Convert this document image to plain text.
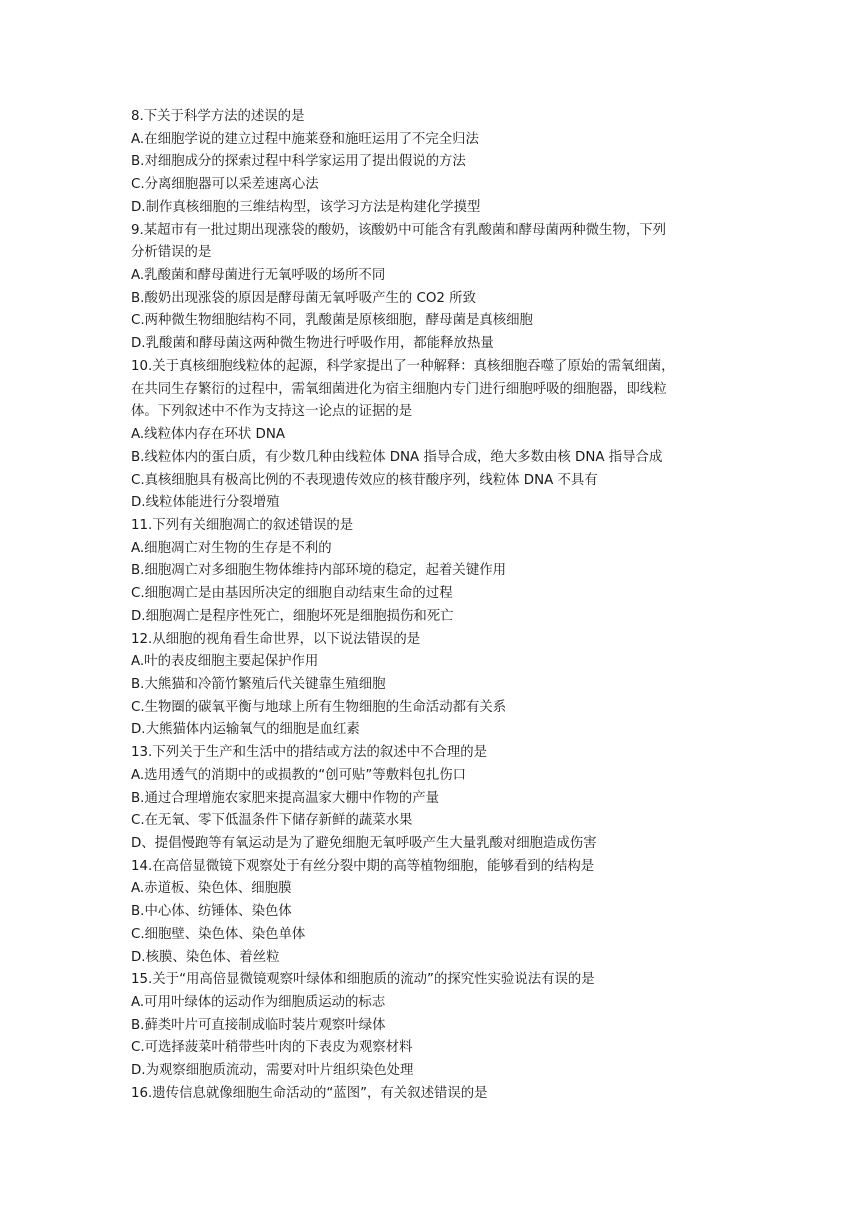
8.下关于科学方法的述误的是
A.在细胞学说的建立过程中施莱登和施旺运用了不完全归法
B.对细胞成分的探索过程中科学家运用了提出假说的方法
C.分离细胞器可以采差速离心法
D.制作真核细胞的三维结构型，该学习方法是构建化学摸型
9.某超市有一批过期出现涨袋的酸奶，该酸奶中可能含有乳酸菌和酵母菌两种微生物，下列
分析错误的是
A.乳酸菌和酵母菌进行无氧呼吸的场所不同
B.酸奶出现涨袋的原因是酵母菌无氧呼吸产生的 CO2 所致
C.两种微生物细胞结构不同，乳酸菌是原核细胞，酵母菌是真核细胞
D.乳酸菌和酵母菌这两种微生物进行呼吸作用，都能释放热量
10.关于真核细胞线粒体的起源，科学家提出了一种解释：真核细胞吞噬了原始的需氧细菌，
在共同生存繁衍的过程中，需氧细菌进化为宿主细胞内专门进行细胞呼吸的细胞器，即线粒
体。下列叙述中不作为支持这一论点的证据的是
A.线粒体内存在环状 DNA
B.线粒体内的蛋白质，有少数几种由线粒体 DNA 指导合成，绝大多数由核 DNA 指导合成
C.真核细胞具有极高比例的不表现遗传效应的核苷酸序列，线粒体 DNA 不具有
D.线粒体能进行分裂增殖
11.下列有关细胞凋亡的叙述错误的是
A.细胞凋亡对生物的生存是不利的
B.细胞凋亡对多细胞生物体维持内部环境的稳定，起着关键作用
C.细胞凋亡是由基因所决定的细胞自动结束生命的过程
D.细胞凋亡是程序性死亡，细胞坏死是细胞损伤和死亡
12.从细胞的视角看生命世界，以下说法错误的是
A.叶的表皮细胞主要起保护作用
B.大熊猫和冷箭竹繁殖后代关键靠生殖细胞
C.生物圈的碳氧平衡与地球上所有生物细胞的生命活动都有关系
D.大熊猫体内运输氧气的细胞是血红素
13.下列关于生产和生活中的措结或方法的叙述中不合理的是
A.选用透气的消期中的或损教的“创可贴”等敷料包扎伤口
B.通过合理增施农家肥来提高温家大棚中作物的产量
C.在无氧、零下低温条件下储存新鲜的蔬菜水果
D、提倡慢跑等有氧运动是为了避免细胞无氧呼吸产生大量乳酸对细胞造成伤害
14.在高倍显微镜下观察处于有丝分裂中期的高等植物细胞，能够看到的结构是
A.赤道板、染色体、细胞膜
B.中心体、纺锤体、染色体
C.细胞壁、染色体、染色单体
D.核膜、染色体、着丝粒
15.关于“用高倍显微镜观察叶绿体和细胞质的流动”的探究性实验说法有误的是
A.可用叶绿体的运动作为细胞质运动的标志
B.藓类叶片可直接制成临时装片观察叶绿体
C.可选择菠菜叶稍带些叶肉的下表皮为观察材料
D.为观察细胞质流动，需要对叶片组织染色处理
16.遗传信息就像细胞生命活动的“蓝图”，有关叙述错误的是
